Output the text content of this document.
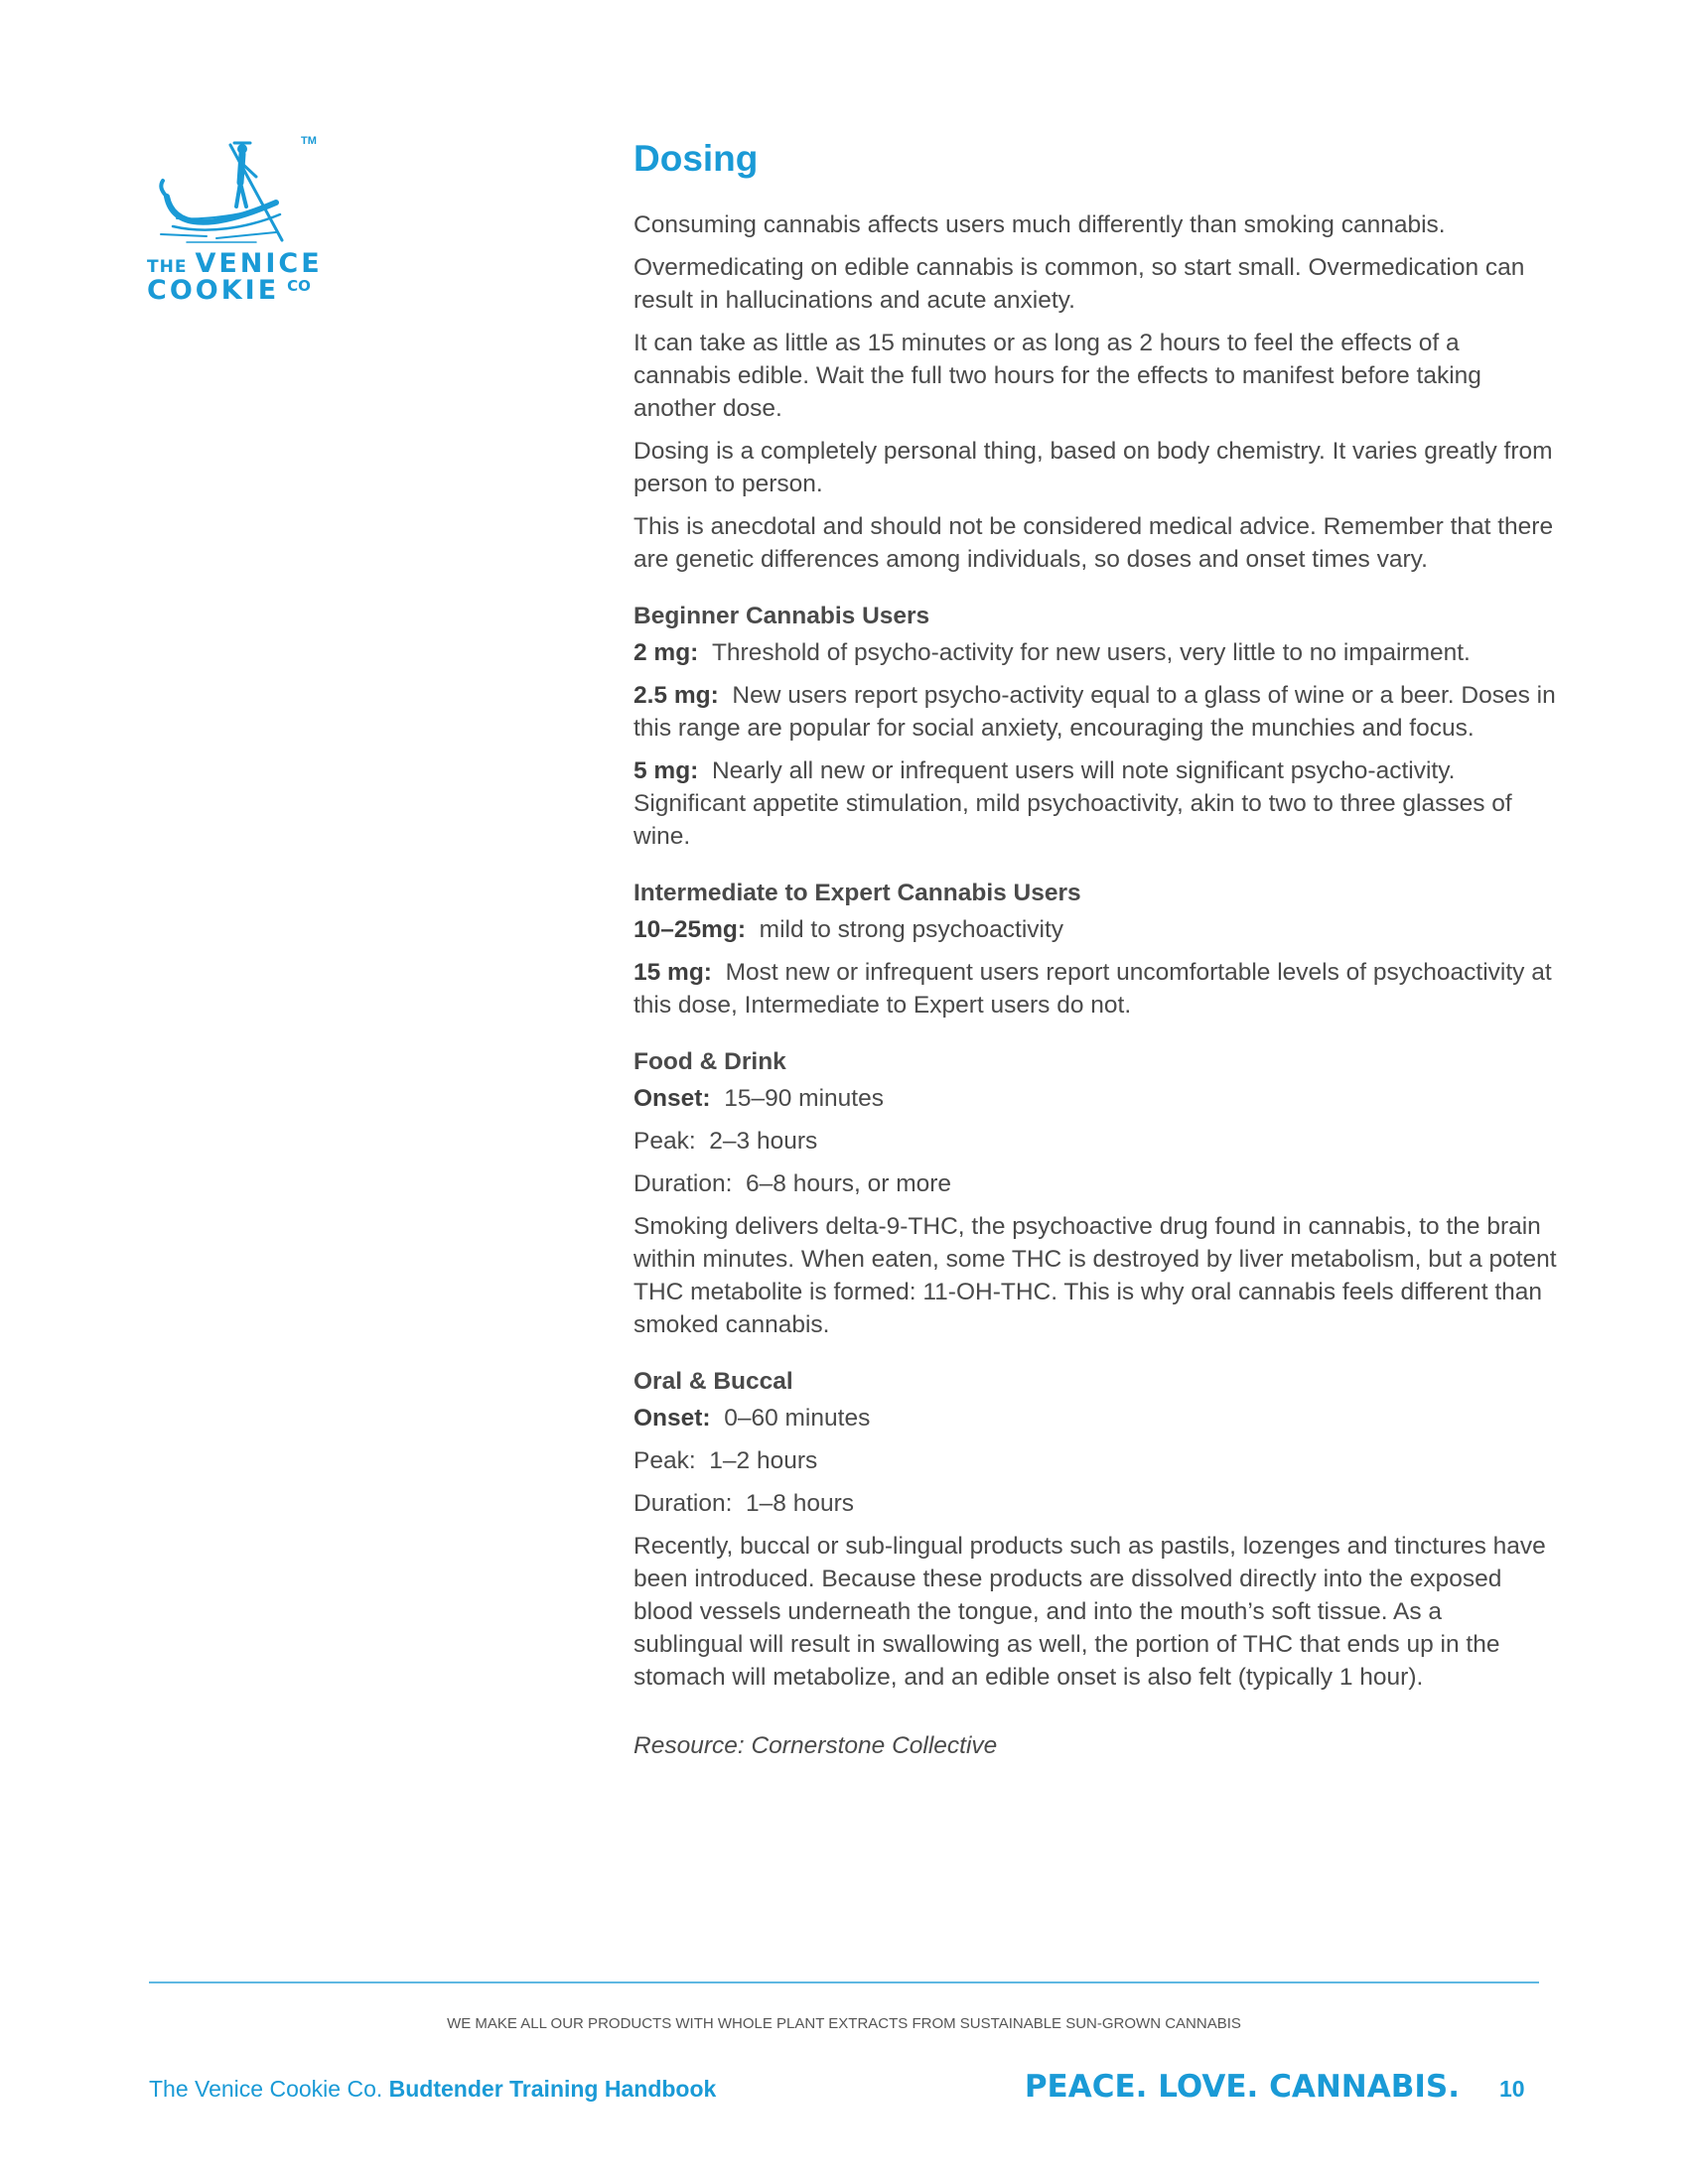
TM
THE VENICE
COOKIE CO
Dosing

Consuming cannabis affects users much differently than smoking cannabis.

Overmedicating on edible cannabis is common, so start small. Overmedication can result in hallucinations and acute anxiety.

It can take as little as 15 minutes or as long as 2 hours to feel the effects of a cannabis edible. Wait the full two hours for the effects to manifest before taking another dose.

Dosing is a completely personal thing, based on body chemistry. It varies greatly from person to person.

This is anecdotal and should not be considered medical advice. Remember that there are genetic differences among individuals, so doses and onset times vary.

Beginner Cannabis Users

2 mg: Threshold of psycho-activity for new users, very little to no impairment.

2.5 mg: New users report psycho-activity equal to a glass of wine or a beer. Doses in this range are popular for social anxiety, encouraging the munchies and focus.

5 mg: Nearly all new or infrequent users will note significant psycho-activity. Significant appetite stimulation, mild psychoactivity, akin to two to three glasses of wine.

Intermediate to Expert Cannabis Users

10–25mg: mild to strong psychoactivity

15 mg: Most new or infrequent users report uncomfortable levels of psychoactivity at this dose, Intermediate to Expert users do not.

Food & Drink

Onset: 15–90 minutes

Peak: 2–3 hours

Duration: 6–8 hours, or more

Smoking delivers delta-9-THC, the psychoactive drug found in cannabis, to the brain within minutes. When eaten, some THC is destroyed by liver metabolism, but a potent THC metabolite is formed: 11-OH-THC. This is why oral cannabis feels different than smoked cannabis.

Oral & Buccal

Onset: 0–60 minutes

Peak: 1–2 hours

Duration: 1–8 hours

Recently, buccal or sub-lingual products such as pastils, lozenges and tinctures have been introduced. Because these products are dissolved directly into the exposed blood vessels underneath the tongue, and into the mouth’s soft tissue. As a sublingual will result in swallowing as well, the portion of THC that ends up in the stomach will metabolize, and an edible onset is also felt (typically 1 hour).

Resource: Cornerstone Collective

WE MAKE ALL OUR PRODUCTS WITH WHOLE PLANT EXTRACTS FROM SUSTAINABLE SUN-GROWN CANNABIS
The Venice Cookie Co. Budtender Training Handbook	PEACE. LOVE. CANNABIS. 10
